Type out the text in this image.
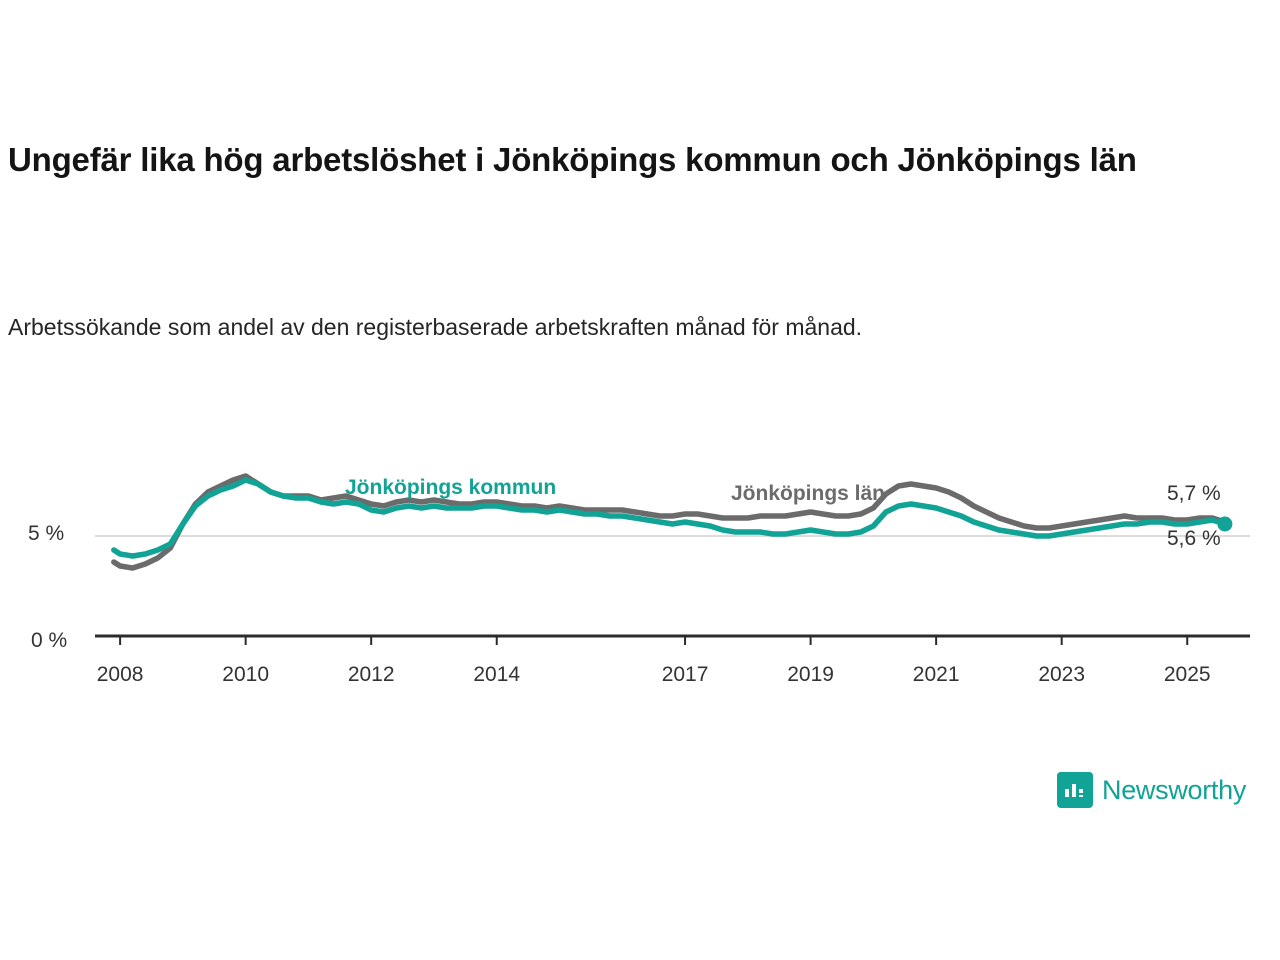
Ungefär lika hög arbetslöshet i Jönköpings kommun och Jönköpings län
Arbetssökande som andel av den registerbaserade arbetskraften månad för månad.
5 %
0 %
2008	2010	2012	2014	2017	2019	2021	2023	2025
Jönköpings kommun	Jönköpings län	5,7 %
5,6 %
Newsworthy
